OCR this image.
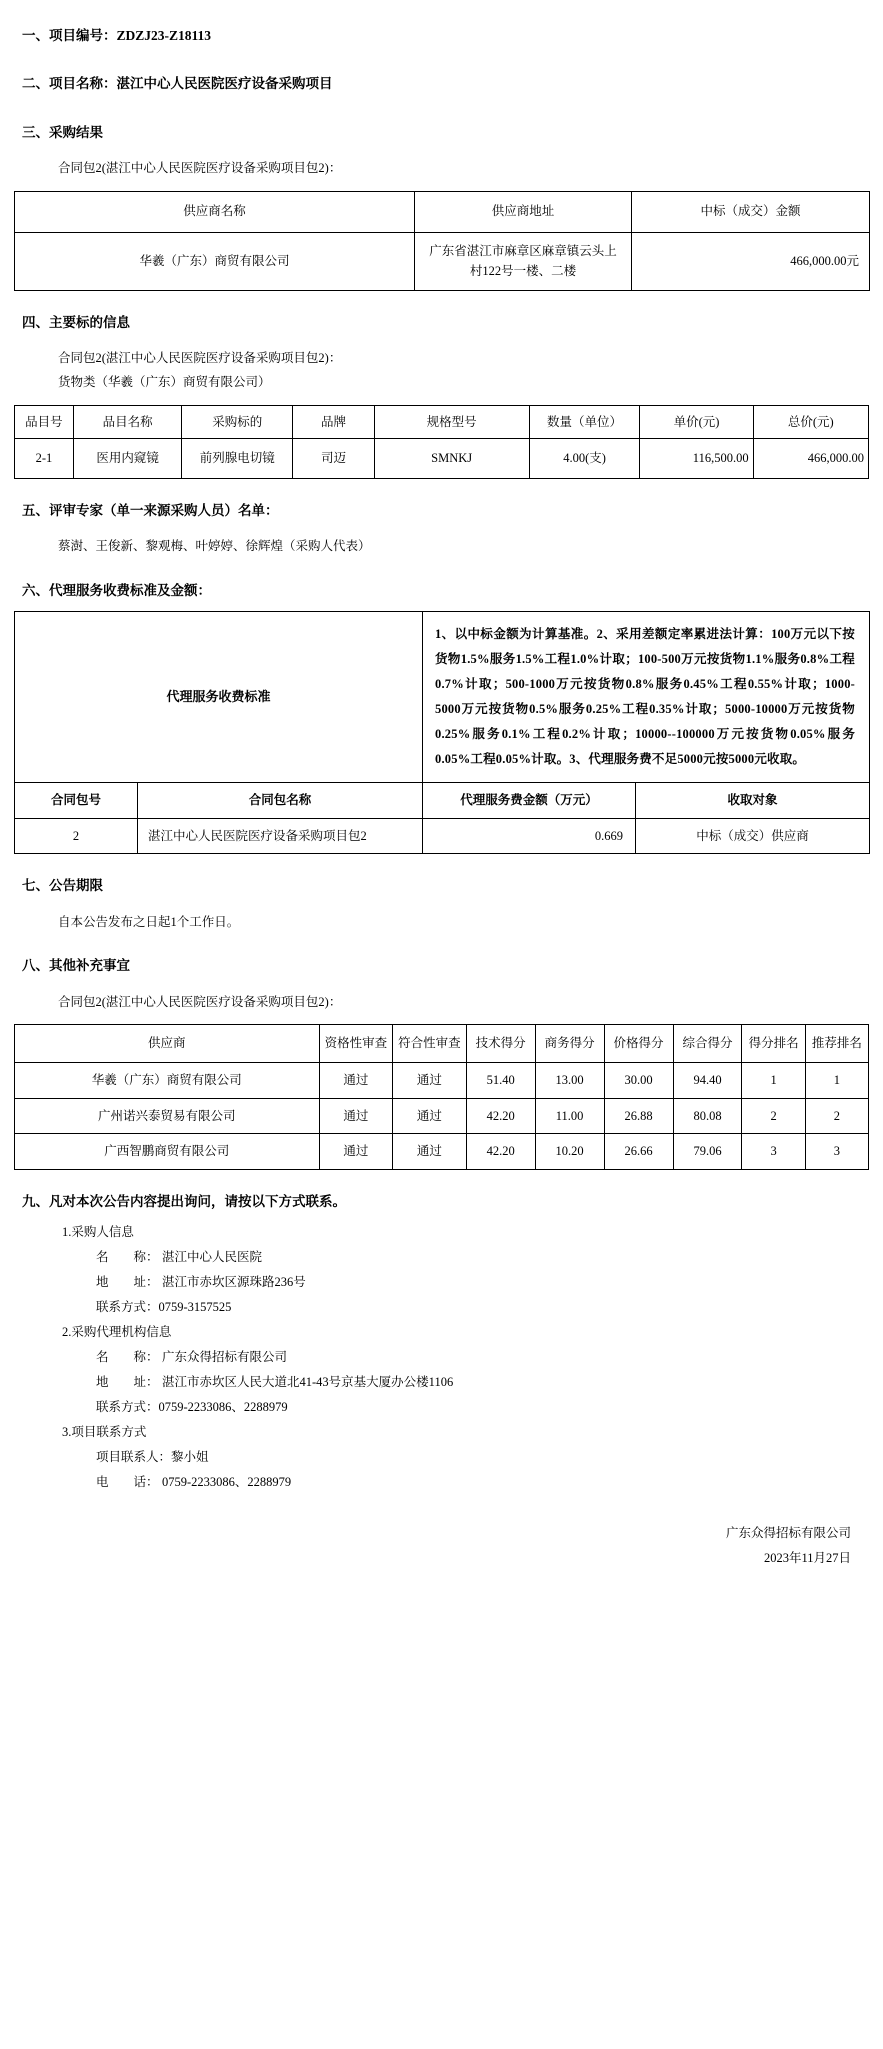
一、项目编号：ZDZJ23-Z18113
二、项目名称：湛江中心人民医院医疗设备采购项目
三、采购结果
合同包2(湛江中心人民医院医疗设备采购项目包2)：
供应商名称	供应商地址	中标（成交）金额
华羲（广东）商贸有限公司	广东省湛江市麻章区麻章镇云头上村122号一楼、二楼	466,000.00元
四、主要标的信息
合同包2(湛江中心人民医院医疗设备采购项目包2)：
货物类（华羲（广东）商贸有限公司）
品目号	品目名称	采购标的	品牌	规格型号	数量（单位）	单价(元)	总价(元)
2-1	医用内窥镜	前列腺电切镜	司迈	SMNKJ	4.00(支)	116,500.00	466,000.00
五、评审专家（单一来源采购人员）名单：
蔡澍、王俊新、黎观梅、叶婷婷、徐辉煌（采购人代表）
六、代理服务收费标准及金额：
代理服务收费标准		1、以中标金额为计算基准。2、采用差额定率累进法计算：100万元以下按货物1.5%服务1.5%工程1.0%计取；100-500万元按货物1.1%服务0.8%工程0.7%计取；500-1000万元按货物0.8%服务0.45%工程0.55%计取；1000-5000万元按货物0.5%服务0.25%工程0.35%计取；5000-10000万元按货物0.25%服务0.1%工程0.2%计取；10000--100000万元按货物0.05%服务0.05%工程0.05%计取。3、代理服务费不足5000元按5000元收取。	
合同包号	合同包名称	代理服务费金额（万元）	收取对象
2	湛江中心人民医院医疗设备采购项目包2	0.669	中标（成交）供应商
七、公告期限
自本公告发布之日起1个工作日。
八、其他补充事宜
合同包2(湛江中心人民医院医疗设备采购项目包2)：
供应商	资格性审查	符合性审查	技术得分	商务得分	价格得分	综合得分	得分排名	推荐排名
华羲（广东）商贸有限公司	通过	通过	51.40	13.00	30.00	94.40	1	1
广州诺兴泰贸易有限公司	通过	通过	42.20	11.00	26.88	80.08	2	2
广西智鹏商贸有限公司	通过	通过	42.20	10.20	26.66	79.06	3	3
九、凡对本次公告内容提出询问，请按以下方式联系。
1.采购人信息
名　　称： 湛江中心人民医院
地　　址： 湛江市赤坎区源珠路236号
联系方式：0759-3157525
2.采购代理机构信息
名　　称： 广东众得招标有限公司
地　　址： 湛江市赤坎区人民大道北41-43号京基大厦办公楼1106
联系方式：0759-2233086、2288979
3.项目联系方式
项目联系人：黎小姐
电　　话： 0759-2233086、2288979
广东众得招标有限公司
2023年11月27日
